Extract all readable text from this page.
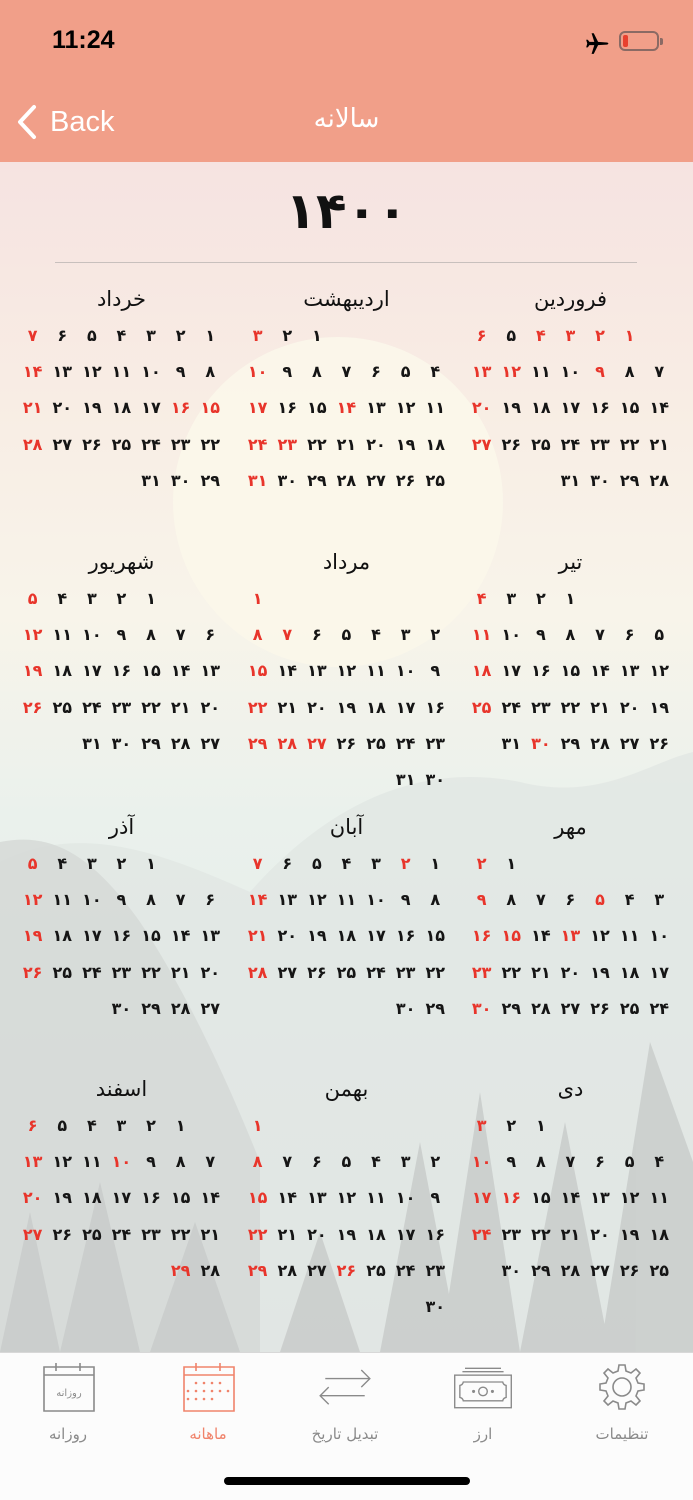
11:24
Back	سالانه
۱۴۰۰
فروردین
۱
۲
۳
۴
۵
۶
۷
۸
۹
۱۰
۱۱
۱۲
۱۳
۱۴
۱۵
۱۶
۱۷
۱۸
۱۹
۲۰
۲۱
۲۲
۲۳
۲۴
۲۵
۲۶
۲۷
۲۸
۲۹
۳۰
۳۱
اردیبهشت
۱
۲
۳
۴
۵
۶
۷
۸
۹
۱۰
۱۱
۱۲
۱۳
۱۴
۱۵
۱۶
۱۷
۱۸
۱۹
۲۰
۲۱
۲۲
۲۳
۲۴
۲۵
۲۶
۲۷
۲۸
۲۹
۳۰
۳۱
خرداد
۱
۲
۳
۴
۵
۶
۷
۸
۹
۱۰
۱۱
۱۲
۱۳
۱۴
۱۵
۱۶
۱۷
۱۸
۱۹
۲۰
۲۱
۲۲
۲۳
۲۴
۲۵
۲۶
۲۷
۲۸
۲۹
۳۰
۳۱
تیر
۱
۲
۳
۴
۵
۶
۷
۸
۹
۱۰
۱۱
۱۲
۱۳
۱۴
۱۵
۱۶
۱۷
۱۸
۱۹
۲۰
۲۱
۲۲
۲۳
۲۴
۲۵
۲۶
۲۷
۲۸
۲۹
۳۰
۳۱
مرداد
۱
۲
۳
۴
۵
۶
۷
۸
۹
۱۰
۱۱
۱۲
۱۳
۱۴
۱۵
۱۶
۱۷
۱۸
۱۹
۲۰
۲۱
۲۲
۲۳
۲۴
۲۵
۲۶
۲۷
۲۸
۲۹
۳۰
۳۱
شهریور
۱
۲
۳
۴
۵
۶
۷
۸
۹
۱۰
۱۱
۱۲
۱۳
۱۴
۱۵
۱۶
۱۷
۱۸
۱۹
۲۰
۲۱
۲۲
۲۳
۲۴
۲۵
۲۶
۲۷
۲۸
۲۹
۳۰
۳۱
مهر
۱
۲
۳
۴
۵
۶
۷
۸
۹
۱۰
۱۱
۱۲
۱۳
۱۴
۱۵
۱۶
۱۷
۱۸
۱۹
۲۰
۲۱
۲۲
۲۳
۲۴
۲۵
۲۶
۲۷
۲۸
۲۹
۳۰
آبان
۱
۲
۳
۴
۵
۶
۷
۸
۹
۱۰
۱۱
۱۲
۱۳
۱۴
۱۵
۱۶
۱۷
۱۸
۱۹
۲۰
۲۱
۲۲
۲۳
۲۴
۲۵
۲۶
۲۷
۲۸
۲۹
۳۰
آذر
۱
۲
۳
۴
۵
۶
۷
۸
۹
۱۰
۱۱
۱۲
۱۳
۱۴
۱۵
۱۶
۱۷
۱۸
۱۹
۲۰
۲۱
۲۲
۲۳
۲۴
۲۵
۲۶
۲۷
۲۸
۲۹
۳۰
دی
۱
۲
۳
۴
۵
۶
۷
۸
۹
۱۰
۱۱
۱۲
۱۳
۱۴
۱۵
۱۶
۱۷
۱۸
۱۹
۲۰
۲۱
۲۲
۲۳
۲۴
۲۵
۲۶
۲۷
۲۸
۲۹
۳۰
بهمن
۱
۲
۳
۴
۵
۶
۷
۸
۹
۱۰
۱۱
۱۲
۱۳
۱۴
۱۵
۱۶
۱۷
۱۸
۱۹
۲۰
۲۱
۲۲
۲۳
۲۴
۲۵
۲۶
۲۷
۲۸
۲۹
۳۰
اسفند
۱
۲
۳
۴
۵
۶
۷
۸
۹
۱۰
۱۱
۱۲
۱۳
۱۴
۱۵
۱۶
۱۷
۱۸
۱۹
۲۰
۲۱
۲۲
۲۳
۲۴
۲۵
۲۶
۲۷
۲۸
۲۹
تنظیمات
ارز
تبدیل تاریخ
ماهانه
روزانه
روزانه
